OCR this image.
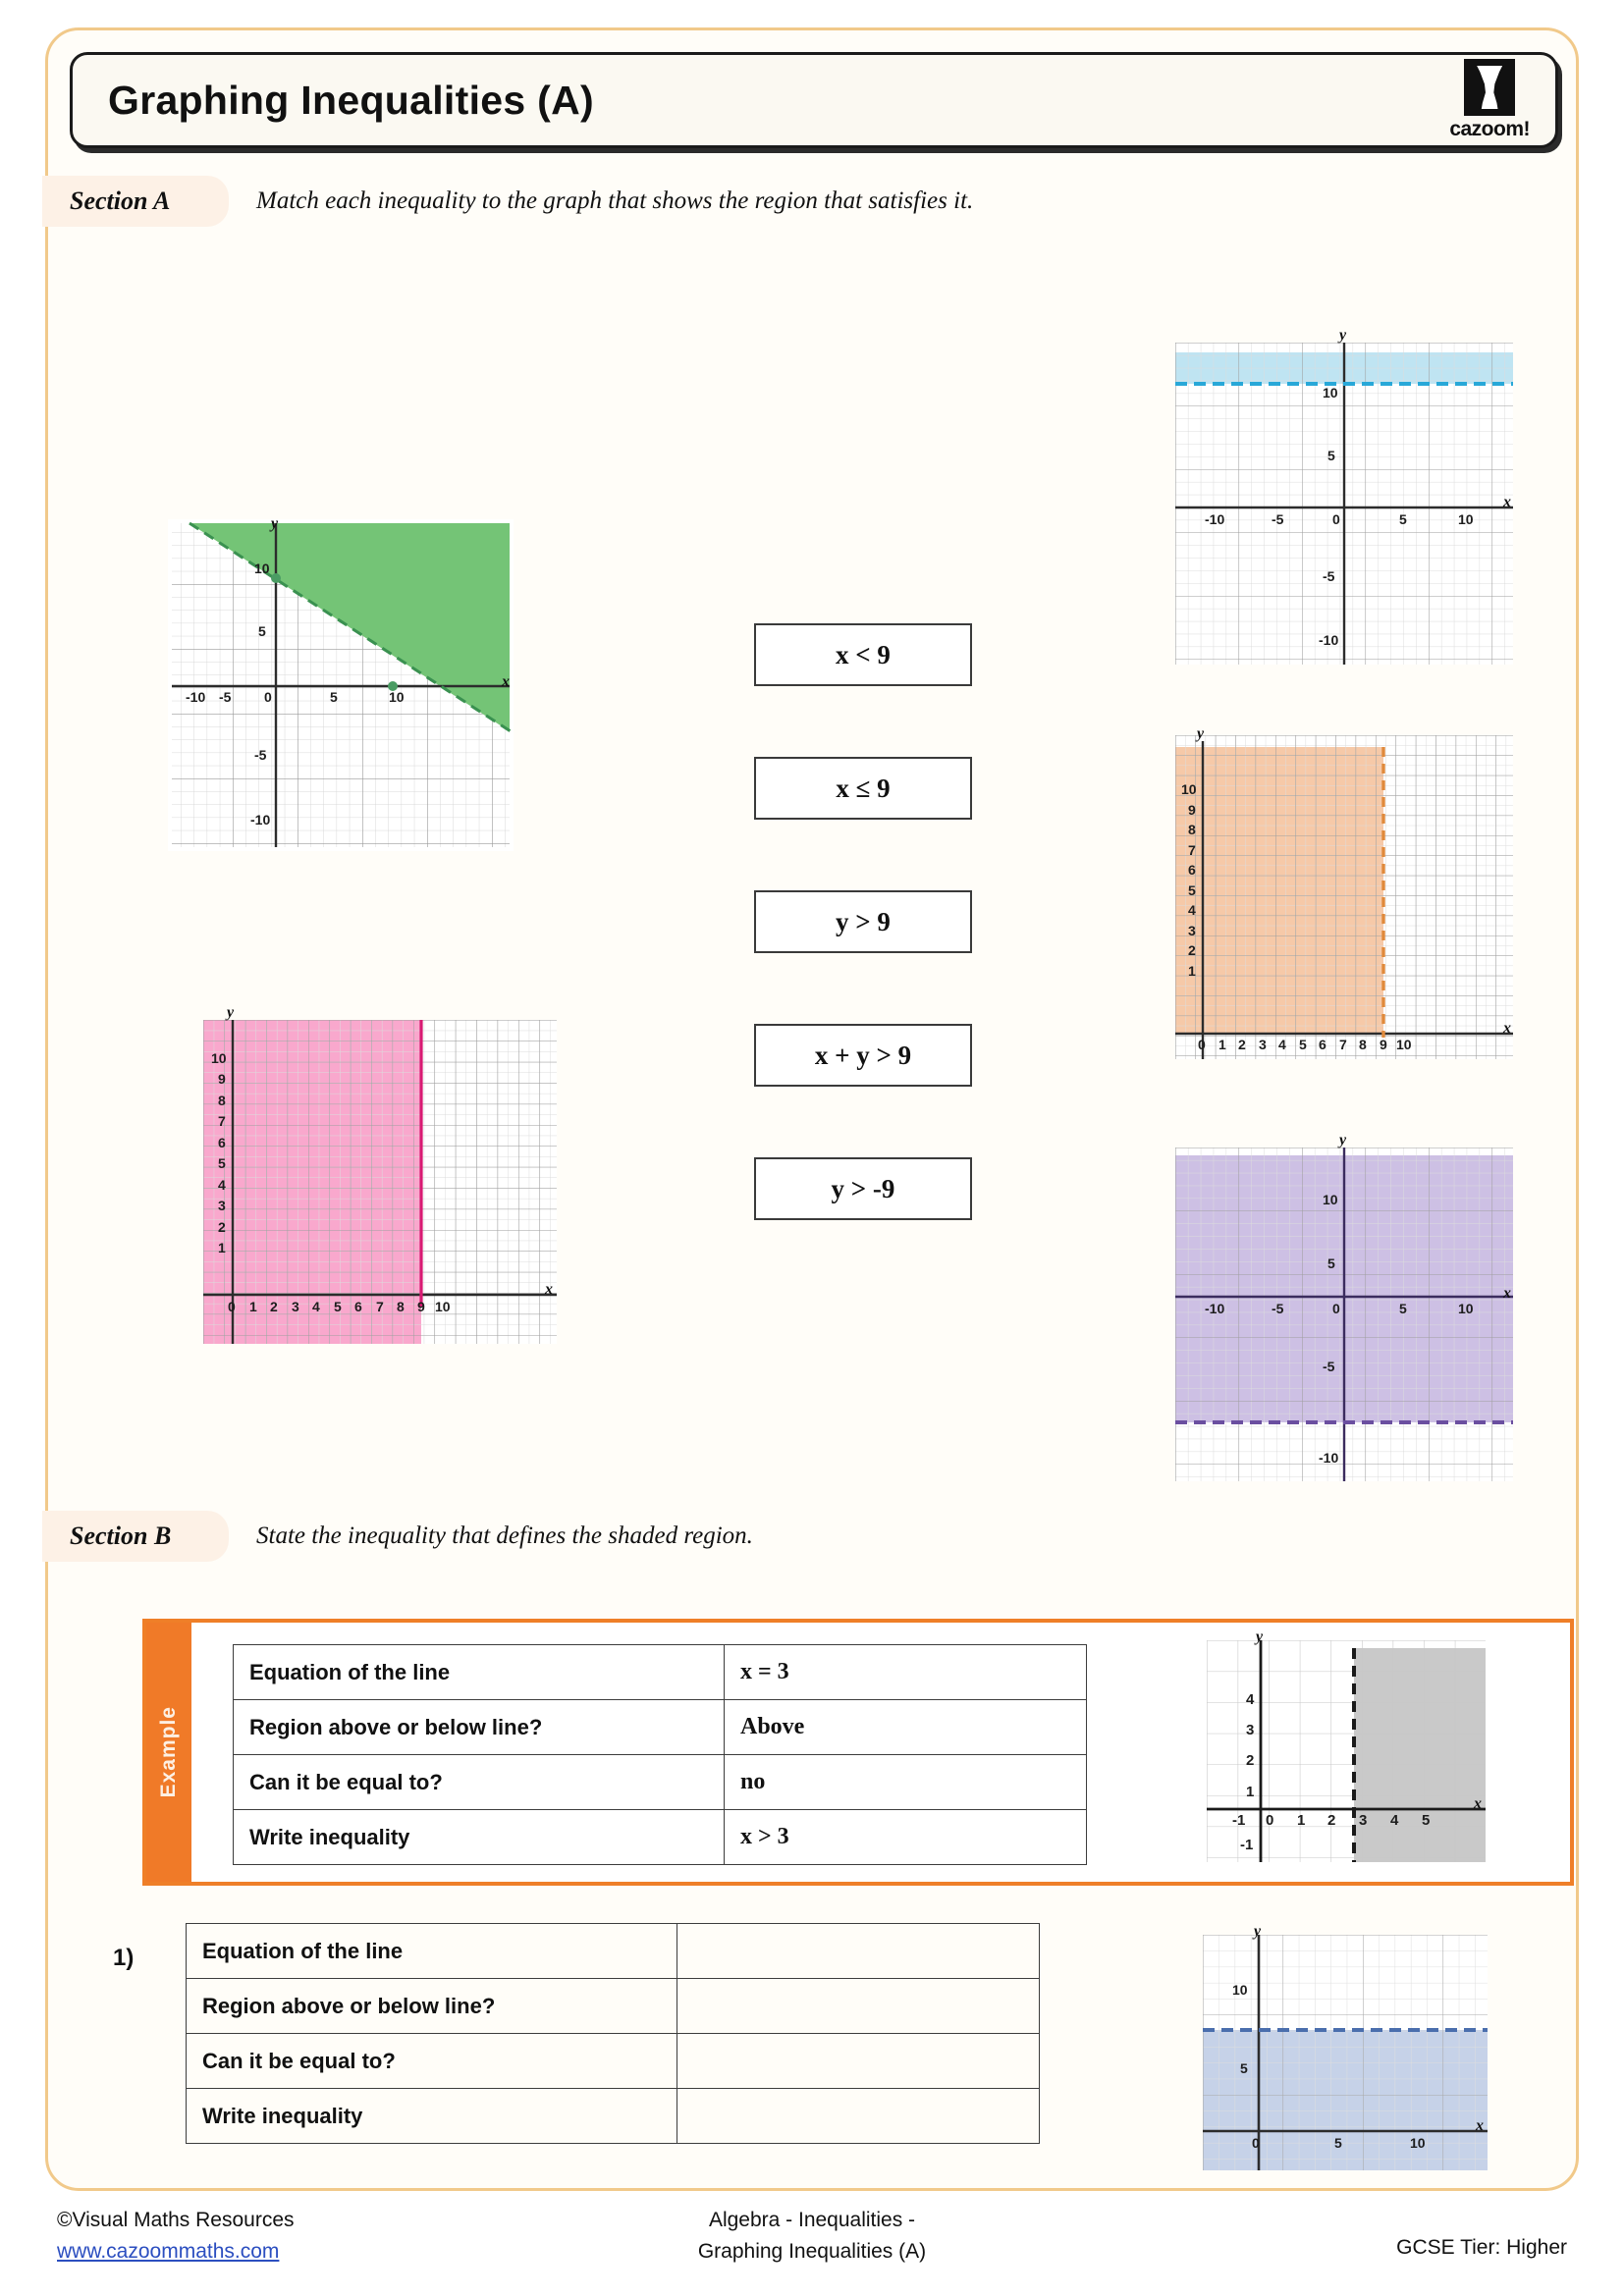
Graphing Inequalities (A)
cazoom!
Section A	Match each inequality to the graph that shows the region that satisfies it.
-10 -5 0	5	10
10
5
-5
-10
y
x
0 1 2 3 4 5 6 7 8 9 10
10
9
8
7
6
5
4
3
2
1
y
x
-10	-5	0	5	10
10
5
-5
-10
y
x
0 1 2 3 4 5 6 7 8 9 10
10
9
8
7
6
5
4
3
2
1
y
x
-10	-5	0	5	10
10
5
-5
-10
y
x
x < 9
x ≤ 9
y > 9
x + y > 9
y > -9
Section B	State the inequality that defines the shaded region.
Example
Equation of the line	x = 3
Region above or below line?	Above
Can it be equal to?	no
Write inequality	x > 3
-1 0 1 2 3 4 5
4
3
2
1
-1
y
x
1)	Equation of the line	
Region above or below line?	
Can it be equal to?	
Write inequality	
0	5	10
10
5
y
x
©Visual Maths Resources
www.cazoommaths.com
Algebra - Inequalities -
Graphing Inequalities (A)	GCSE Tier: Higher
